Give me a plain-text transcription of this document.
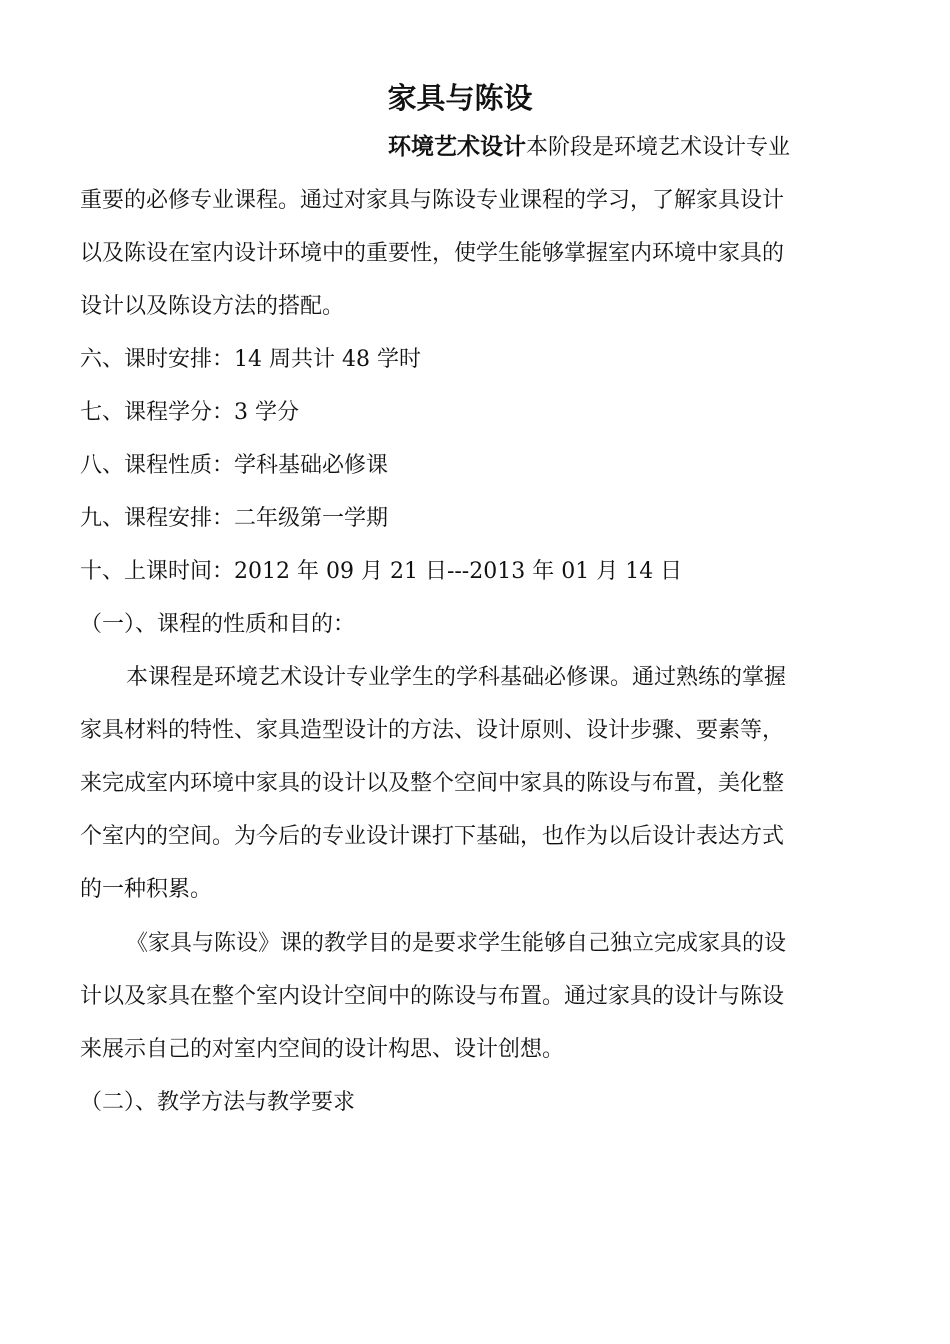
家具与陈设
环境艺术设计本阶段是环境艺术设计专业
重要的必修专业课程。通过对家具与陈设专业课程的学习，了解家具设计
以及陈设在室内设计环境中的重要性，使学生能够掌握室内环境中家具的
设计以及陈设方法的搭配。
六、课时安排：14 周共计 48 学时
七、课程学分：3 学分
八、课程性质：学科基础必修课
九、课程安排：二年级第一学期
十、上课时间：2012 年 09 月 21 日---2013 年 01 月 14 日
（一）、课程的性质和目的：
本课程是环境艺术设计专业学生的学科基础必修课。通过熟练的掌握
家具材料的特性、家具造型设计的方法、设计原则、设计步骤、要素等，
来完成室内环境中家具的设计以及整个空间中家具的陈设与布置，美化整
个室内的空间。为今后的专业设计课打下基础，也作为以后设计表达方式
的一种积累。
《家具与陈设》课的教学目的是要求学生能够自己独立完成家具的设
计以及家具在整个室内设计空间中的陈设与布置。通过家具的设计与陈设
来展示自己的对室内空间的设计构思、设计创想。
（二）、教学方法与教学要求
